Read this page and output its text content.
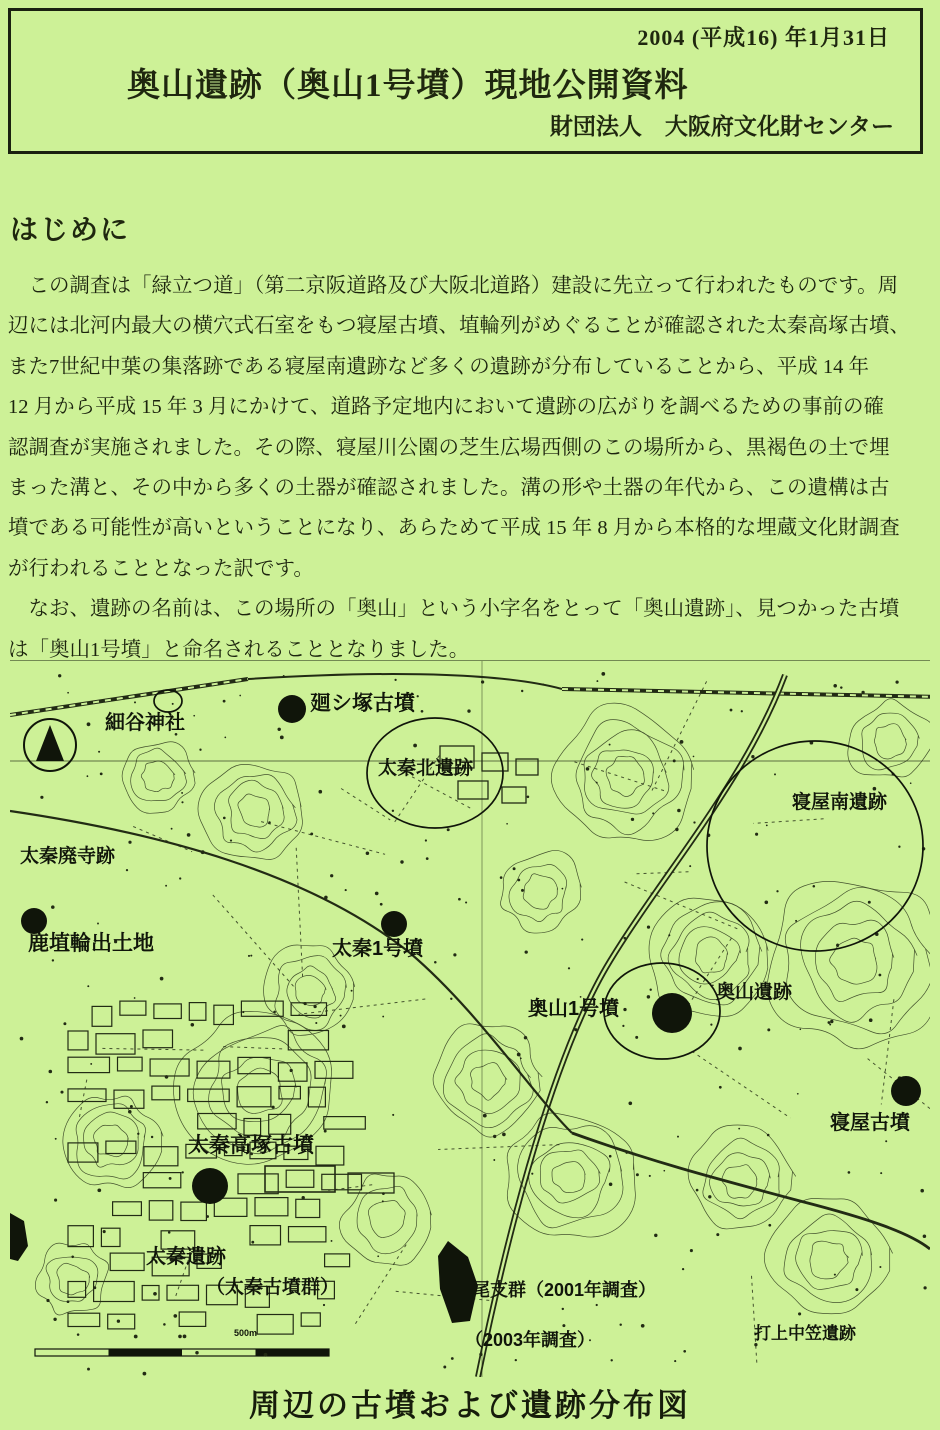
2004 (平成16) 年1月31日
奥山遺跡（奥山1号墳）現地公開資料
財団法人　大阪府文化財センター
はじめに
　この調査は「緑立つ道」（第二京阪道路及び大阪北道路）建設に先立って行われたものです。周
辺には北河内最大の横穴式石室をもつ寝屋古墳、埴輪列がめぐることが確認された太秦高塚古墳、
また7世紀中葉の集落跡である寝屋南遺跡など多くの遺跡が分布していることから、平成 14 年
12 月から平成 15 年 3 月にかけて、道路予定地内において遺跡の広がりを調べるための事前の確
認調査が実施されました。その際、寝屋川公園の芝生広場西側のこの場所から、黒褐色の土で埋
まった溝と、その中から多くの土器が確認されました。溝の形や土器の年代から、この遺構は古
墳である可能性が高いということになり、あらためて平成 15 年 8 月から本格的な埋蔵文化財調査
が行われることとなった訳です。
　なお、遺跡の名前は、この場所の「奥山」という小字名をとって「奥山遺跡」、見つかった古墳
は「奥山1号墳」と命名されることとなりました。
細谷神社
廻シ塚古墳
太秦北遺跡
寝屋南遺跡
太秦廃寺跡
鹿埴輪出土地	太秦1号墳
奥山1号墳
奥山遺跡
寝屋古墳
太秦高塚古墳
太秦遺跡
（太秦古墳群）	尾支群（2001年調査）
（2003年調査）	打上中笠遺跡
500m
周辺の古墳および遺跡分布図
